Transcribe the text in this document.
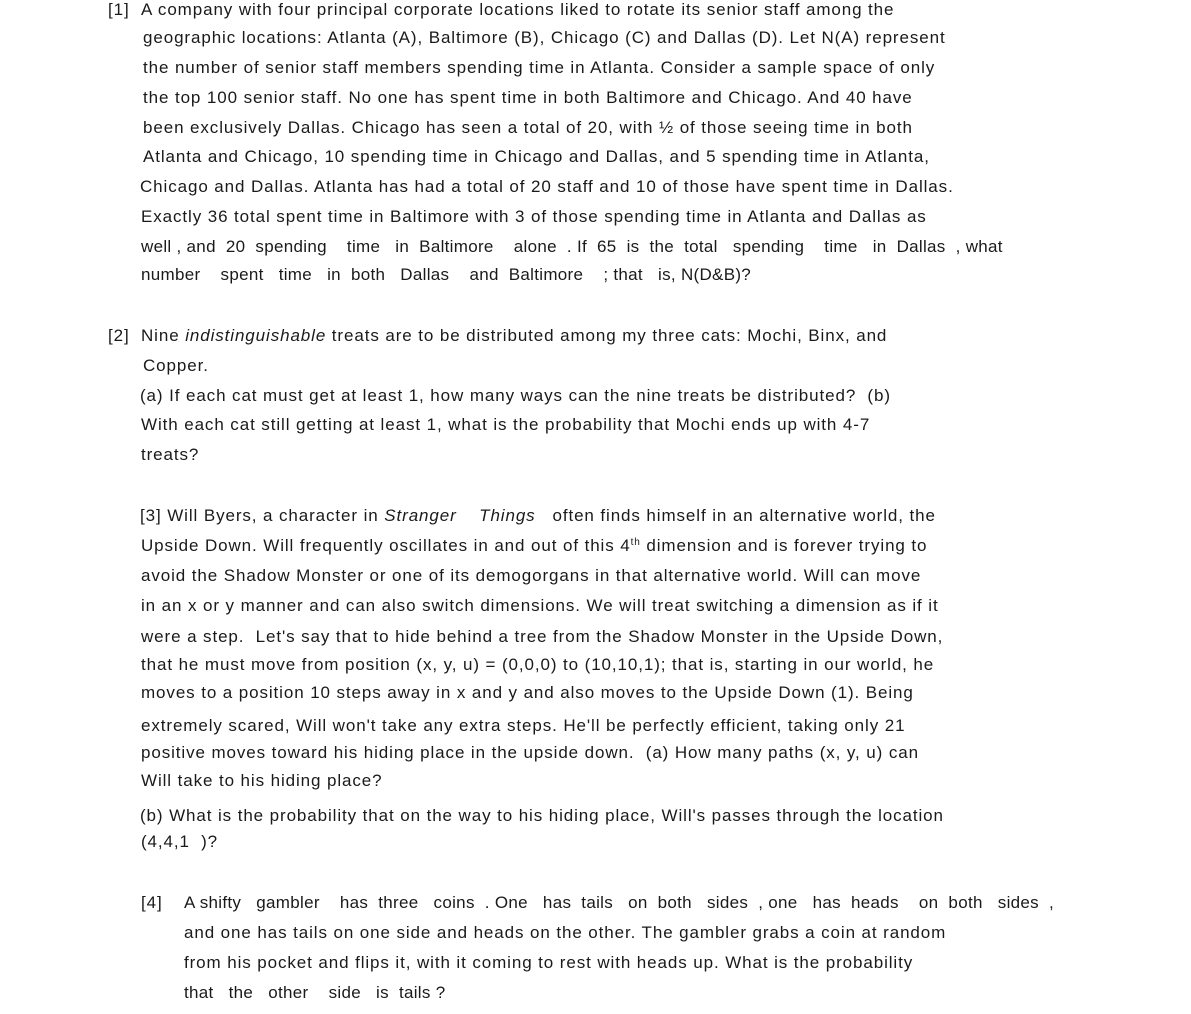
[1] A company with four principal corporate locations liked to rotate its senior staff among the
geographic locations: Atlanta (A), Baltimore (B), Chicago (C) and Dallas (D). Let N(A) represent
the number of senior staff members spending time in Atlanta. Consider a sample space of only
the top 100 senior staff. No one has spent time in both Baltimore and Chicago. And 40 have
been exclusively Dallas. Chicago has seen a total of 20, with ½ of those seeing time in both
Atlanta and Chicago, 10 spending time in Chicago and Dallas, and 5 spending time in Atlanta,
Chicago and Dallas. Atlanta has had a total of 20 staff and 10 of those have spent time in Dallas.
Exactly 36 total spent time in Baltimore with 3 of those spending time in Atlanta and Dallas as
well , and  20  spending    time   in  Baltimore    alone  . If  65  is  the  total   spending    time   in  Dallas  , what
number    spent   time   in  both   Dallas    and  Baltimore    ; that   is, N(D&B)?
[2] Nine indistinguishable treats are to be distributed among my three cats: Mochi, Binx, and
Copper.
(a) If each cat must get at least 1, how many ways can the nine treats be distributed?  (b)
With each cat still getting at least 1, what is the probability that Mochi ends up with 4-7
treats?
[3] Will Byers, a character in Stranger    Things   often finds himself in an alternative world, the
Upside Down. Will frequently oscillates in and out of this 4th dimension and is forever trying to
avoid the Shadow Monster or one of its demogorgans in that alternative world. Will can move
in an x or y manner and can also switch dimensions. We will treat switching a dimension as if it
were a step.  Let's say that to hide behind a tree from the Shadow Monster in the Upside Down,
that he must move from position (x, y, u) = (0,0,0) to (10,10,1); that is, starting in our world, he
moves to a position 10 steps away in x and y and also moves to the Upside Down (1). Being
extremely scared, Will won't take any extra steps. He'll be perfectly efficient, taking only 21
positive moves toward his hiding place in the upside down.  (a) How many paths (x, y, u) can
Will take to his hiding place?
(b) What is the probability that on the way to his hiding place, Will's passes through the location
(4,4,1  )?
[4] A shifty   gambler    has  three   coins  . One   has  tails   on  both   sides  , one   has  heads    on  both   sides  ,
and one has tails on one side and heads on the other. The gambler grabs a coin at random
from his pocket and flips it, with it coming to rest with heads up. What is the probability
that   the   other    side   is  tails ?
